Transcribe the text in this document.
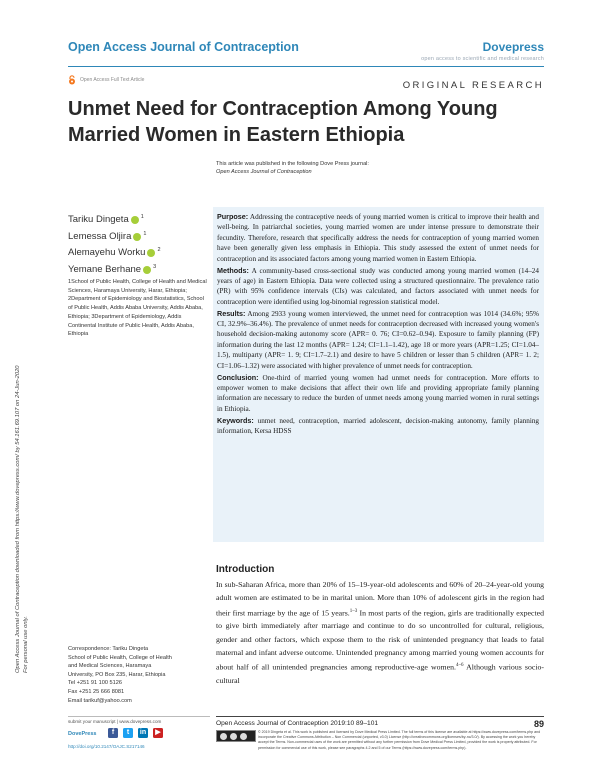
Open Access Journal of Contraception	Dovepress
open access to scientific and medical research
Open Access Full Text Article	ORIGINAL RESEARCH
Unmet Need for Contraception Among Young Married Women in Eastern Ethiopia
This article was published in the following Dove Press journal:
Open Access Journal of Contraception
Open Access Journal of Contraception downloaded from https://www.dovepress.com/ by 54.161.69.107 on 24-Jun-2020 For personal use only.
Tariku Dingeta 1
Lemessa Oljira 1
Alemayehu Worku 2
Yemane Berhane 3

1School of Public Health, College of Health and Medical Sciences, Haramaya University, Harar, Ethiopia; 2Department of Epidemiology and Biostatistics, School of Public Health, Addis Ababa University, Addis Ababa, Ethiopia; 3Department of Epidemiology, Addis Continental Institute of Public Health, Addis Ababa, Ethiopia

Purpose: Addressing the contraceptive needs of young married women is critical to improve their health and well-being. In patriarchal societies, young married women are under intense pressure to demonstrate their fecundity. Therefore, research that specifically address the needs for contraception of young married women have been generally given less emphasis in Ethiopia. This study assessed the extent of unmet needs for contraception and its associated factors among young married women in Eastern Ethiopia.

Methods: A community-based cross-sectional study was conducted among young married women (14–24 years of age) in Eastern Ethiopia. Data were collected using a structured questionnaire. The prevalence ratio (PR) with 95% confidence intervals (CIs) was calculated, and factors associated with unmet needs for contraception were identified using log-binomial regression statistical model.

Results: Among 2933 young women interviewed, the unmet need for contraception was 1014 (34.6%; 95% CI, 32.9%–36.4%). The prevalence of unmet needs for contraception decreased with increased young women's household decision-making autonomy score (APR= 0. 76; CI=0.62–0.94). Exposure to family planning (FP) information during the last 12 months (APR= 1.24; CI=1.1–1.42), age 18 or more years (APR=1.25; CI=1.04–1.5), multiparty (APR= 1. 9; CI=1.7–2.1) and desire to have 5 children or lesser than 5 children (APR= 1. 2; CI=1.06–1.32) were associated with higher prevalence of unmet needs for contraception.

Conclusion: One-third of married young women had unmet needs for contraception. More efforts to empower women to make decisions that affect their own life and providing appropriate family planning information are necessary to reduce the burden of unmet needs among young married women in rural settings in Ethiopia.

Keywords: unmet need, contraception, married adolescent, decision-making autonomy, family planning information, Kersa HDSS

Introduction
In sub-Saharan Africa, more than 20% of 15–19-year-old adolescents and 60% of 20–24-year-old young adult women are estimated to be in marital union. More than 10% of adolescent girls in the region had their first marriage by the age of 15 years.$^{1-3}$ In most parts of the region, girls are traditionally expected to give birth immediately after marriage and continue to do so uncontrolled for cultural, religious, gender and other factors, which expose them to the risk of unintended pregnancy that leads to fatal maternal and infant adverse outcome. Unintended pregnancy among married young women accounts for about half of all unintended pregnancies among reproductive-age women.$^{4-6}$ Although various socio-cultural
Correspondence: Tariku Dingeta
School of Public Health, College of Health
and Medical Sciences, Haramaya
University, PO Box 235, Harar, Ethiopia
Tel +251 91 100 5126
Fax +251 25 666 8081
Email tarikuf@yahoo.com
submit your manuscript | www.dovepress.com
DovePress	f	t	in	▶
http://doi.org/10.2147/OAJC.S217146
Open Access Journal of Contraception 2019:10 89–101	89
© 2019 Dingeta et al. This work is published and licensed by Dove Medical Press Limited. The full terms of this license are available at https://www.dovepress.com/terms.php and incorporate the Creative Commons Attribution – Non Commercial (unported, v3.0) License (http://creativecommons.org/licenses/by-nc/3.0/). By accessing the work you hereby accept the Terms. Non-commercial uses of the work are permitted without any further permission from Dove Medical Press Limited, provided the work is properly attributed. For permission for commercial use of this work, please see paragraphs 4.2 and 5 of our Terms (https://www.dovepress.com/terms.php).
